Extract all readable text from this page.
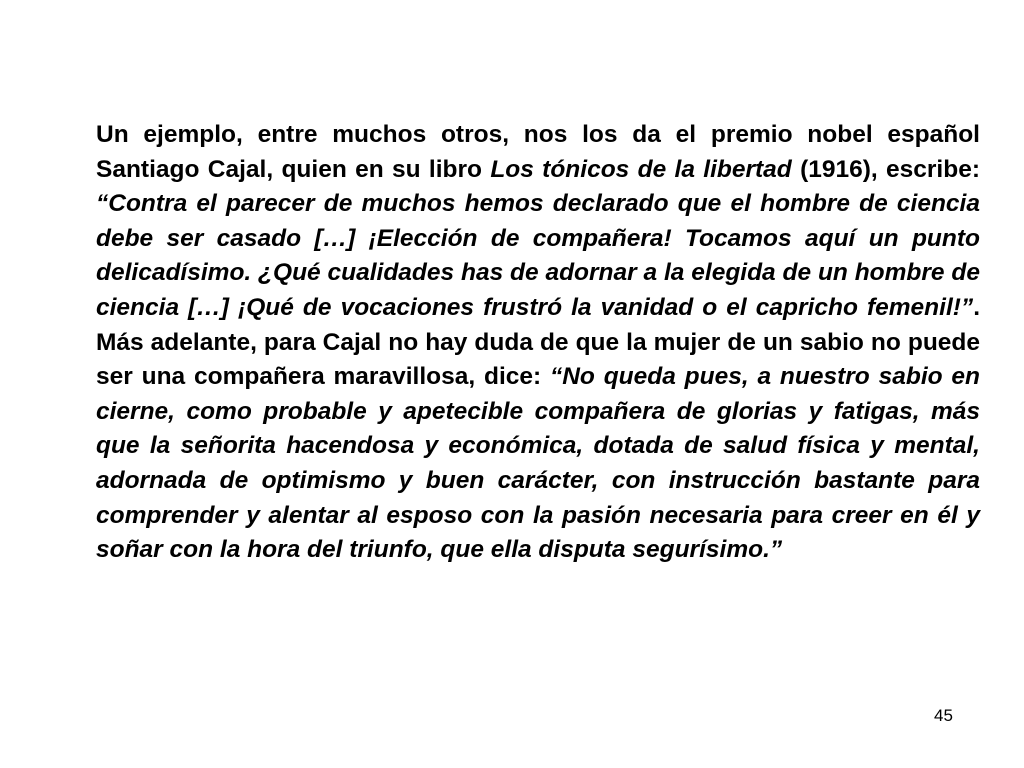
Un ejemplo, entre muchos otros, nos los da el premio nobel español Santiago Cajal, quien en su libro Los tónicos de la libertad (1916), escribe: “Contra el parecer de muchos hemos declarado que el hombre de ciencia debe ser casado […] ¡Elección de compañera! Tocamos aquí un punto delicadísimo. ¿Qué cualidades has de adornar a la elegida de un hombre de ciencia […] ¡Qué de vocaciones frustró la vanidad o el capricho femenil!”. Más adelante, para Cajal no hay duda de que la mujer de un sabio no puede ser una compañera maravillosa, dice: “No queda pues, a nuestro sabio en cierne, como probable y apetecible compañera de glorias y fatigas, más que la señorita hacendosa y económica, dotada de salud física y mental, adornada de optimismo y buen carácter, con instrucción bastante para comprender y alentar al esposo con la pasión necesaria para creer en él y soñar con la hora del triunfo, que ella disputa segurísimo.”

45
